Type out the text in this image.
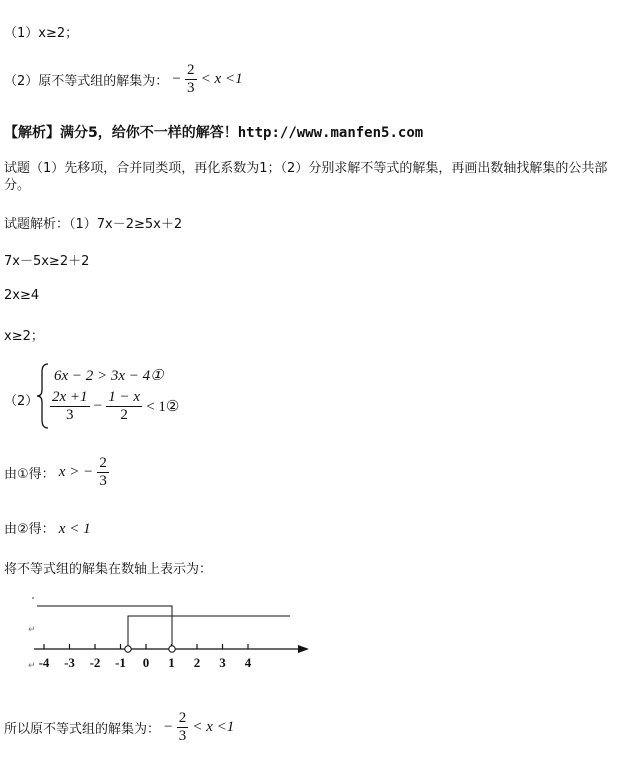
（1）x≥2；
（2）原不等式组的解集为： − $\frac{2}{3} < x <1$
【解析】满分5，给你不一样的解答！http://www.manfen5.com
试题（1）先移项，合并同类项，再化系数为1；（2）分别求解不等式的解集，再画出数轴找解集的公共部分。
试题解析：（1）7x－2≥5x＋2
7x－5x≥2＋2
2x≥4
x≥2；
（2）
6x − 2 > 3x − 4①
$\frac{2x +1}{3} - \frac{1 - x}{2}$ < 1②
由①得： x > − $\frac{2}{3}$
由②得： x < 1
将不等式组的解集在数轴上表示为：
↵
-4 -3 -2 -1 0 1 2 3 4
↵
所以原不等式组的解集为： − $\frac{2}{3} < x <1$
